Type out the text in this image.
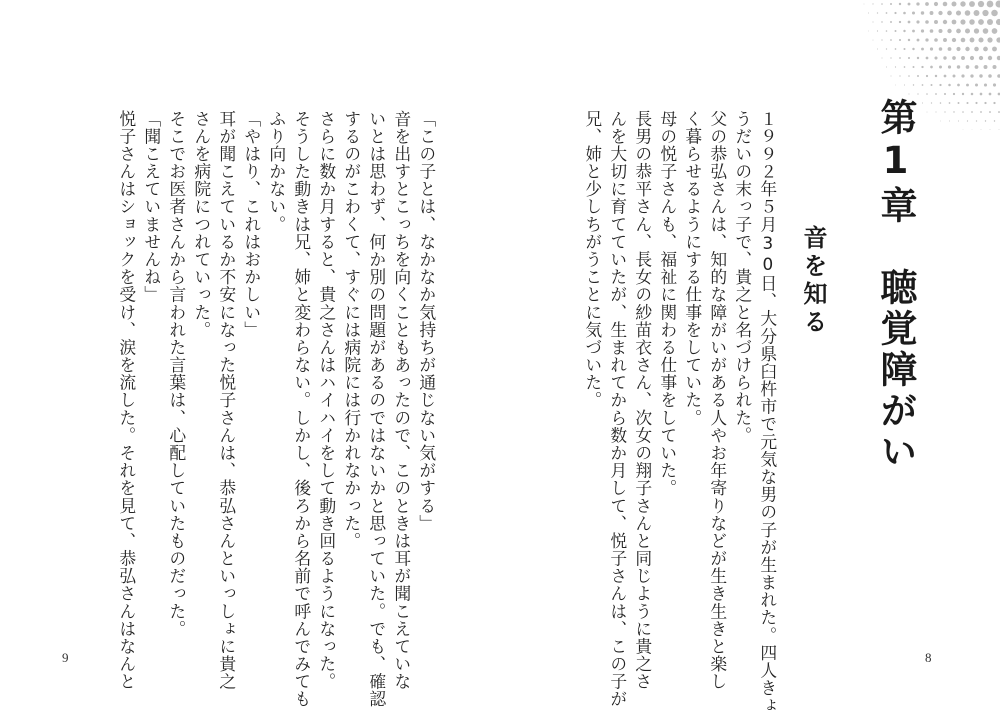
第1章　聴覚障がい
音を知る
１９９２年５月30日、大分県臼杵市で元気な男の子が生まれた。四人きょ
うだいの末っ子で、貴之と名づけられた。
父の恭弘さんは、知的な障がいがある人やお年寄りなどが生き生きと楽し
く暮らせるようにする仕事をしていた。
母の悦子さんも、福祉に関わる仕事をしていた。
長男の恭平さん、長女の紗苗衣さん、次女の翔子さんと同じように貴之さ
んを大切に育てていたが、生まれてから数か月して、悦子さんは、この子が
兄、姉と少しちがうことに気づいた。
「この子とは、なかなか気持ちが通じない気がする」
音を出すとこっちを向くこともあったので、このときは耳が聞こえていな
いとは思わず、何か別の問題があるのではないかと思っていた。でも、確認
するのがこわくて、すぐには病院には行かれなかった。
さらに数か月すると、貴之さんはハイハイをして動き回るようになった。
そうした動きは兄、姉と変わらない。しかし、後ろから名前で呼んでみても
ふり向かない。
「やはり、これはおかしい」
耳が聞こえているか不安になった悦子さんは、恭弘さんといっしょに貴之
さんを病院につれていった。
そこでお医者さんから言われた言葉は、心配していたものだった。
「聞こえていませんね」
悦子さんはショックを受け、涙を流した。それを見て、恭弘さんはなんと
9	8
